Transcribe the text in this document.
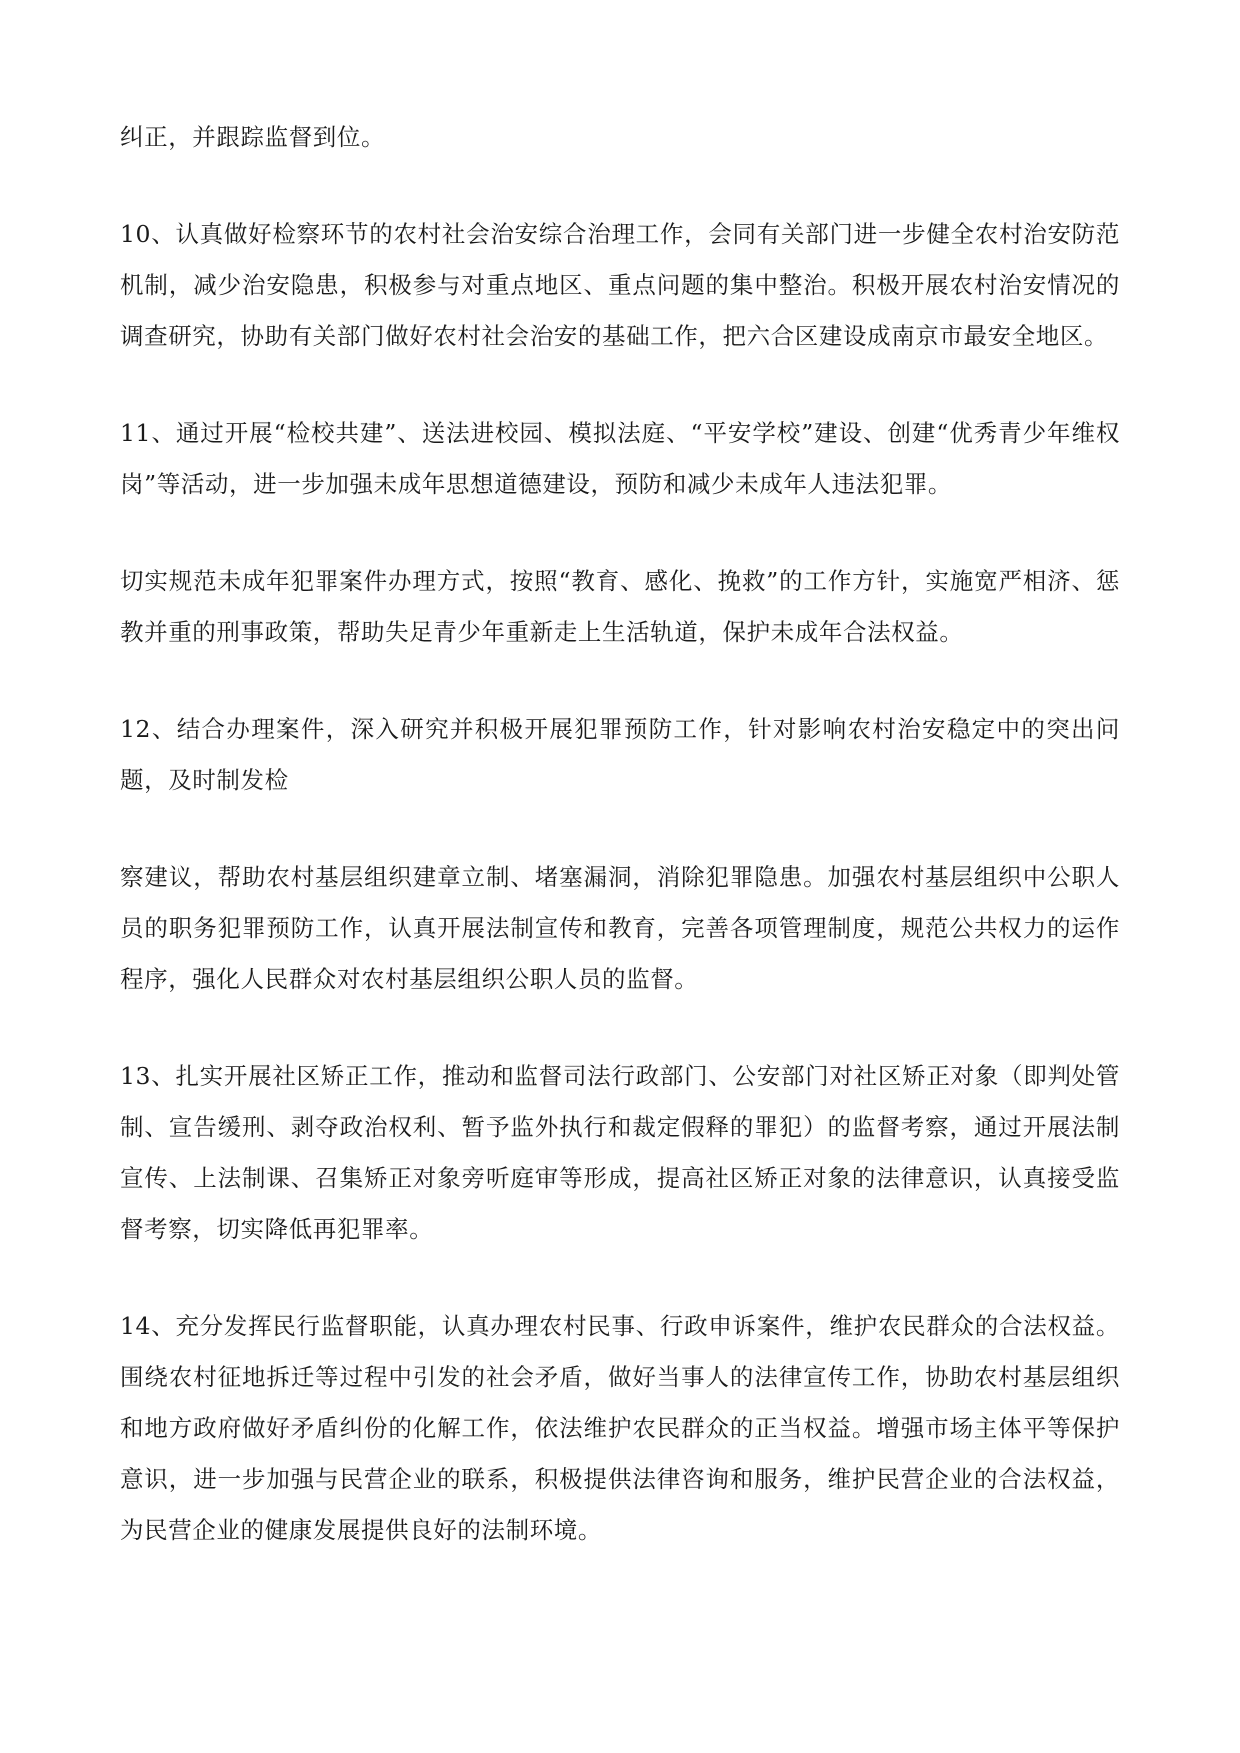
纠正，并跟踪监督到位。

10、认真做好检察环节的农村社会治安综合治理工作，会同有关部门进一步健全农村治安防范机制，减少治安隐患，积极参与对重点地区、重点问题的集中整治。积极开展农村治安情况的调查研究，协助有关部门做好农村社会治安的基础工作，把六合区建设成南京市最安全地区。

11、通过开展“检校共建”、送法进校园、模拟法庭、“平安学校”建设、创建“优秀青少年维权岗”等活动，进一步加强未成年思想道德建设，预防和减少未成年人违法犯罪。

切实规范未成年犯罪案件办理方式，按照“教育、感化、挽救”的工作方针，实施宽严相济、惩教并重的刑事政策，帮助失足青少年重新走上生活轨道，保护未成年合法权益。

12、结合办理案件，深入研究并积极开展犯罪预防工作，针对影响农村治安稳定中的突出问题，及时制发检

察建议，帮助农村基层组织建章立制、堵塞漏洞，消除犯罪隐患。加强农村基层组织中公职人员的职务犯罪预防工作，认真开展法制宣传和教育，完善各项管理制度，规范公共权力的运作程序，强化人民群众对农村基层组织公职人员的监督。

13、扎实开展社区矫正工作，推动和监督司法行政部门、公安部门对社区矫正对象（即判处管制、宣告缓刑、剥夺政治权利、暂予监外执行和裁定假释的罪犯）的监督考察，通过开展法制宣传、上法制课、召集矫正对象旁听庭审等形成，提高社区矫正对象的法律意识，认真接受监督考察，切实降低再犯罪率。

14、充分发挥民行监督职能，认真办理农村民事、行政申诉案件，维护农民群众的合法权益。围绕农村征地拆迁等过程中引发的社会矛盾，做好当事人的法律宣传工作，协助农村基层组织和地方政府做好矛盾纠份的化解工作，依法维护农民群众的正当权益。增强市场主体平等保护意识，进一步加强与民营企业的联系，积极提供法律咨询和服务，维护民营企业的合法权益，为民营企业的健康发展提供良好的法制环境。
